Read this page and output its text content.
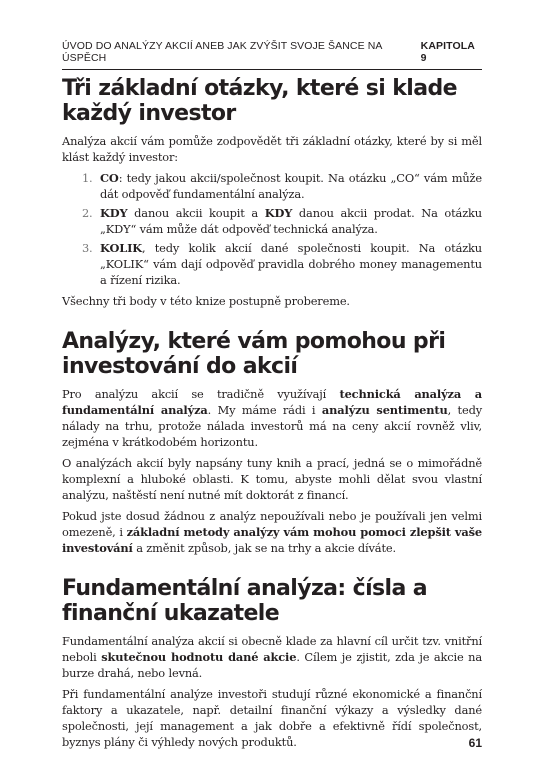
ÚVOD DO ANALÝZY AKCIÍ ANEB JAK ZVÝŠIT SVOJE ŠANCE NA ÚSPĚCH
KAPITOLA 9
Tři základní otázky, které si klade každý investor

Analýza akcií vám pomůže zodpovědět tři základní otázky, které by si měl klást každý investor:

1. CO: tedy jakou akcii/společnost koupit. Na otázku „CO“ vám může dát odpověď fundamentální analýza.
2. KDY danou akcii koupit a KDY danou akcii prodat. Na otázku „KDY“ vám může dát odpověď technická analýza.
3. KOLIK, tedy kolik akcií dané společnosti koupit. Na otázku „KOLIK“ vám dají odpověď pravidla dobrého money managementu a řízení rizika.

Všechny tři body v této knize postupně probereme.

Analýzy, které vám pomohou při investování do akcií

Pro analýzu akcií se tradičně využívají technická analýza a fundamentální analýza. My máme rádi i analýzu sentimentu, tedy nálady na trhu, protože nálada investorů má na ceny akcií rovněž vliv, zejména v krátkodobém horizontu.

O analýzách akcií byly napsány tuny knih a prací, jedná se o mimořádně komplexní a hluboké oblasti. K tomu, abyste mohli dělat svou vlastní analýzu, naštěstí není nutné mít doktorát z financí.

Pokud jste dosud žádnou z analýz nepoužívali nebo je používali jen velmi omezeně, i základní metody analýzy vám mohou pomoci zlepšit vaše investování a změnit způsob, jak se na trhy a akcie díváte.

Fundamentální analýza: čísla a finanční ukazatele

Fundamentální analýza akcií si obecně klade za hlavní cíl určit tzv. vnitřní neboli skutečnou hodnotu dané akcie. Cílem je zjistit, zda je akcie na burze drahá, nebo levná.

Při fundamentální analýze investoři studují různé ekonomické a finanční faktory a ukazatele, např. detailní finanční výkazy a výsledky dané společnosti, její management a jak dobře a efektivně řídí společnost, byznys plány či výhledy nových produktů.	61
